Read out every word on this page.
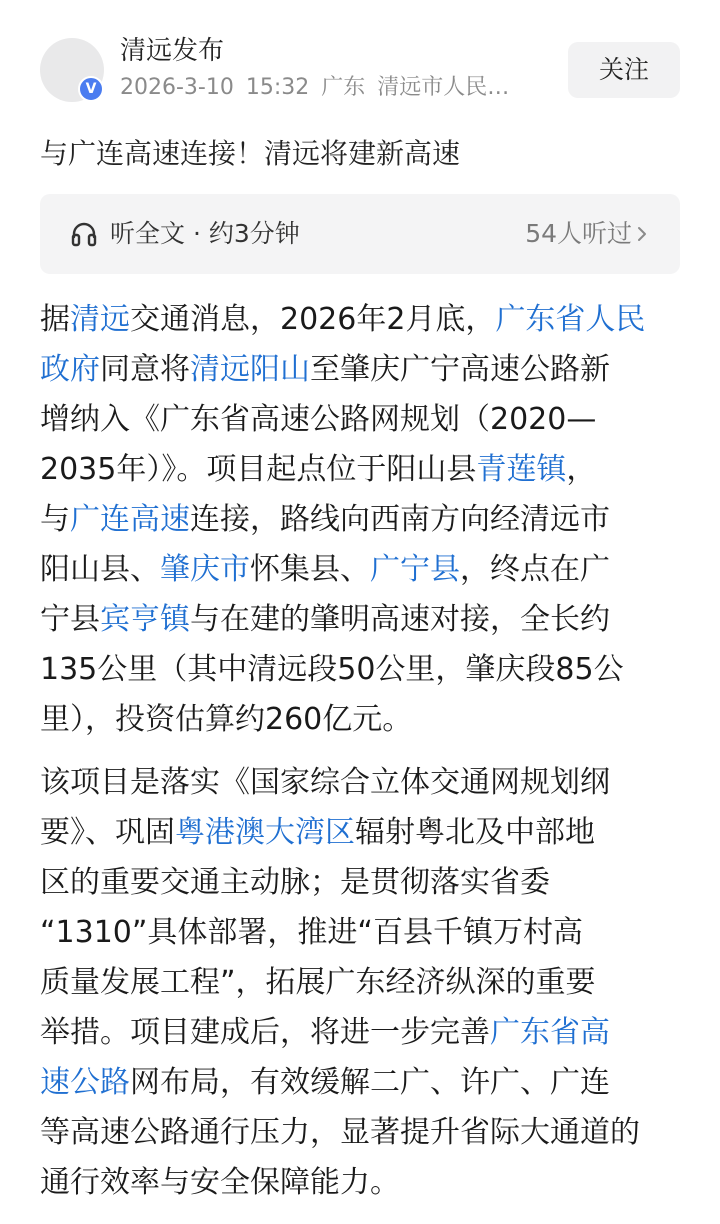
V
清远发布
2026-3-10 15:32 广东 清远市人民…
关注
与广连高速连接！清远将建新高速
听全文 · 约3分钟	54人听过
据清远交通消息，2026年2月底，广东省人民
政府同意将清远阳山至肇庆广宁高速公路新
增纳入《广东省高速公路网规划（2020—
2035年）》。项目起点位于阳山县青莲镇，
与广连高速连接，路线向西南方向经清远市
阳山县、肇庆市怀集县、广宁县，终点在广
宁县宾亨镇与在建的肇明高速对接，全长约
135公里（其中清远段50公里，肇庆段85公
里），投资估算约260亿元。
该项目是落实《国家综合立体交通网规划纲
要》、巩固粤港澳大湾区辐射粤北及中部地
区的重要交通主动脉；是贯彻落实省委
“1310”具体部署，推进“百县千镇万村高
质量发展工程”，拓展广东经济纵深的重要
举措。项目建成后，将进一步完善广东省高
速公路网布局，有效缓解二广、许广、广连
等高速公路通行压力，显著提升省际大通道的
通行效率与安全保障能力。
